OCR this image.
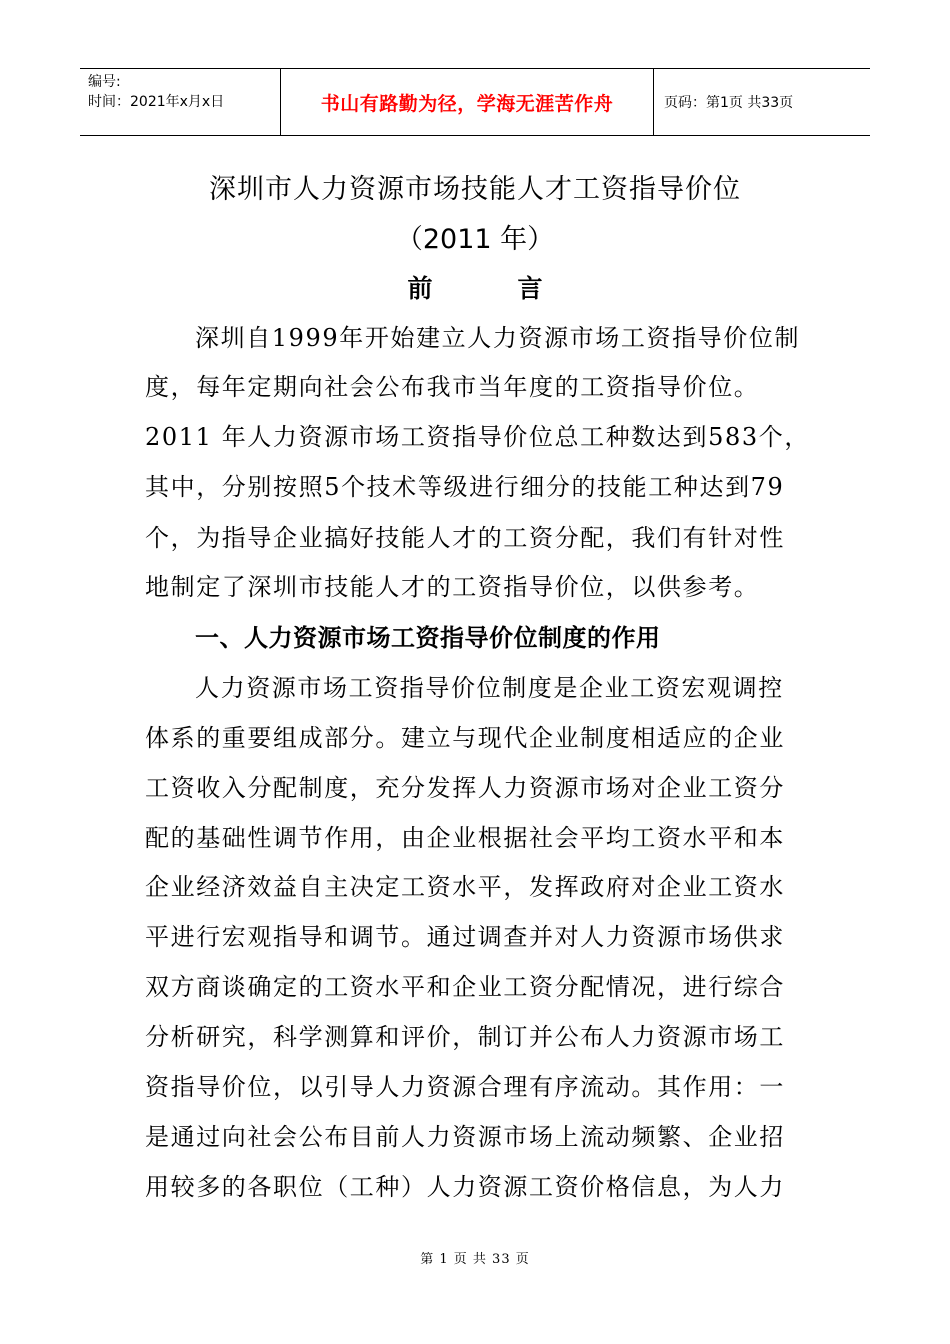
编号:
时间：2021年x月x日	书山有路勤为径，学海无涯苦作舟	页码：第1页 共33页
深圳市人力资源市场技能人才工资指导价位
（2011 年）
前　言
深圳自1999年开始建立人力资源市场工资指导价位制
度，每年定期向社会公布我市当年度的工资指导价位。
2011 年人力资源市场工资指导价位总工种数达到583个，
其中，分别按照5个技术等级进行细分的技能工种达到79
个，为指导企业搞好技能人才的工资分配，我们有针对性
地制定了深圳市技能人才的工资指导价位，以供参考。
一、人力资源市场工资指导价位制度的作用
人力资源市场工资指导价位制度是企业工资宏观调控
体系的重要组成部分。建立与现代企业制度相适应的企业
工资收入分配制度，充分发挥人力资源市场对企业工资分
配的基础性调节作用，由企业根据社会平均工资水平和本
企业经济效益自主决定工资水平，发挥政府对企业工资水
平进行宏观指导和调节。通过调查并对人力资源市场供求
双方商谈确定的工资水平和企业工资分配情况，进行综合
分析研究，科学测算和评价，制订并公布人力资源市场工
资指导价位，以引导人力资源合理有序流动。其作用：一
是通过向社会公布目前人力资源市场上流动频繁、企业招
用较多的各职位（工种）人力资源工资价格信息，为人力
第 1 页 共 33 页
